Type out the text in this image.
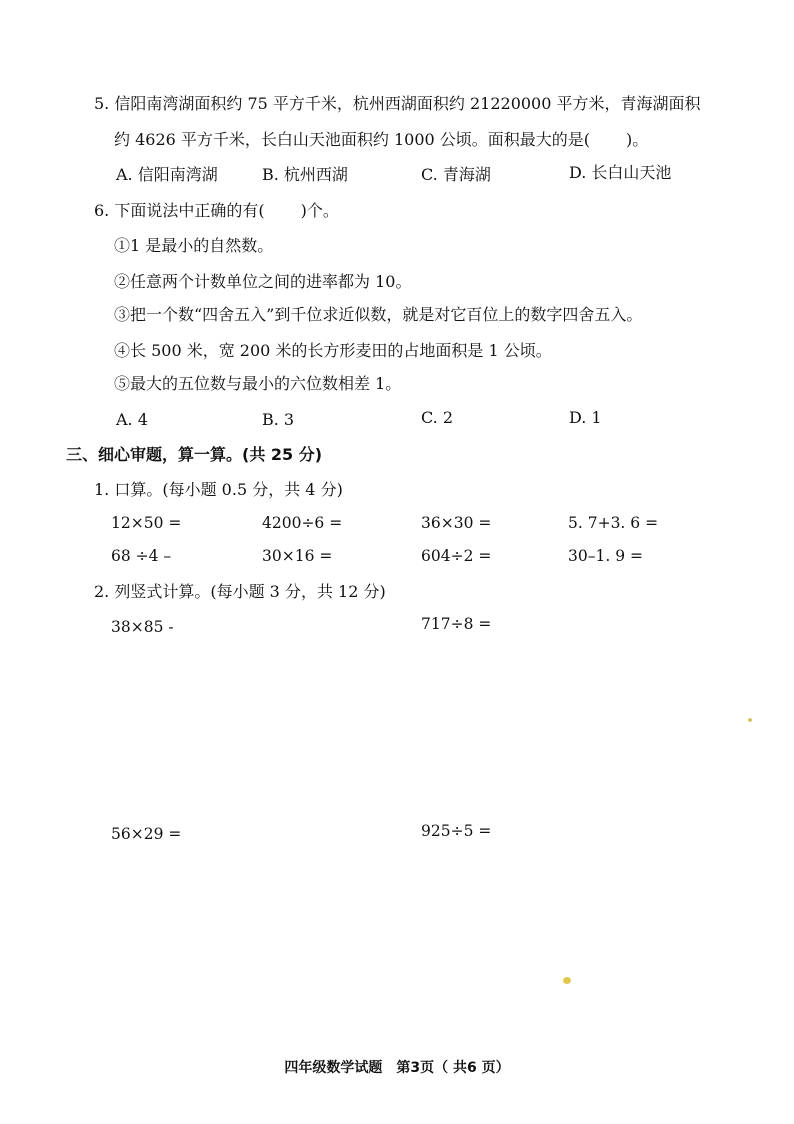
5. 信阳南湾湖面积约 75 平方千米，杭州西湖面积约 21220000 平方米，青海湖面积
约 4626 平方千米，长白山天池面积约 1000 公顷。面积最大的是( )。
A. 信阳南湾湖	B. 杭州西湖	C. 青海湖	D. 长白山天池
6. 下面说法中正确的有( )个。
①1 是最小的自然数。
②任意两个计数单位之间的进率都为 10。
③把一个数“四舍五入”到千位求近似数，就是对它百位上的数字四舍五入。
④长 500 米，宽 200 米的长方形麦田的占地面积是 1 公顷。
⑤最大的五位数与最小的六位数相差 1。
A. 4	B. 3	C. 2	D. 1
三、细心审题，算一算。(共 25 分)
1. 口算。(每小题 0.5 分，共 4 分)
12×50 =	4200÷6 =	36×30 =	5. 7+3. 6 =
68 ÷4 –	30×16 =	604÷2 =	30–1. 9 =
2. 列竖式计算。(每小题 3 分，共 12 分)
38×85 -	717÷8 =
56×29 =	925÷5 =
四年级数学试题　第3页（ 共6 页）
